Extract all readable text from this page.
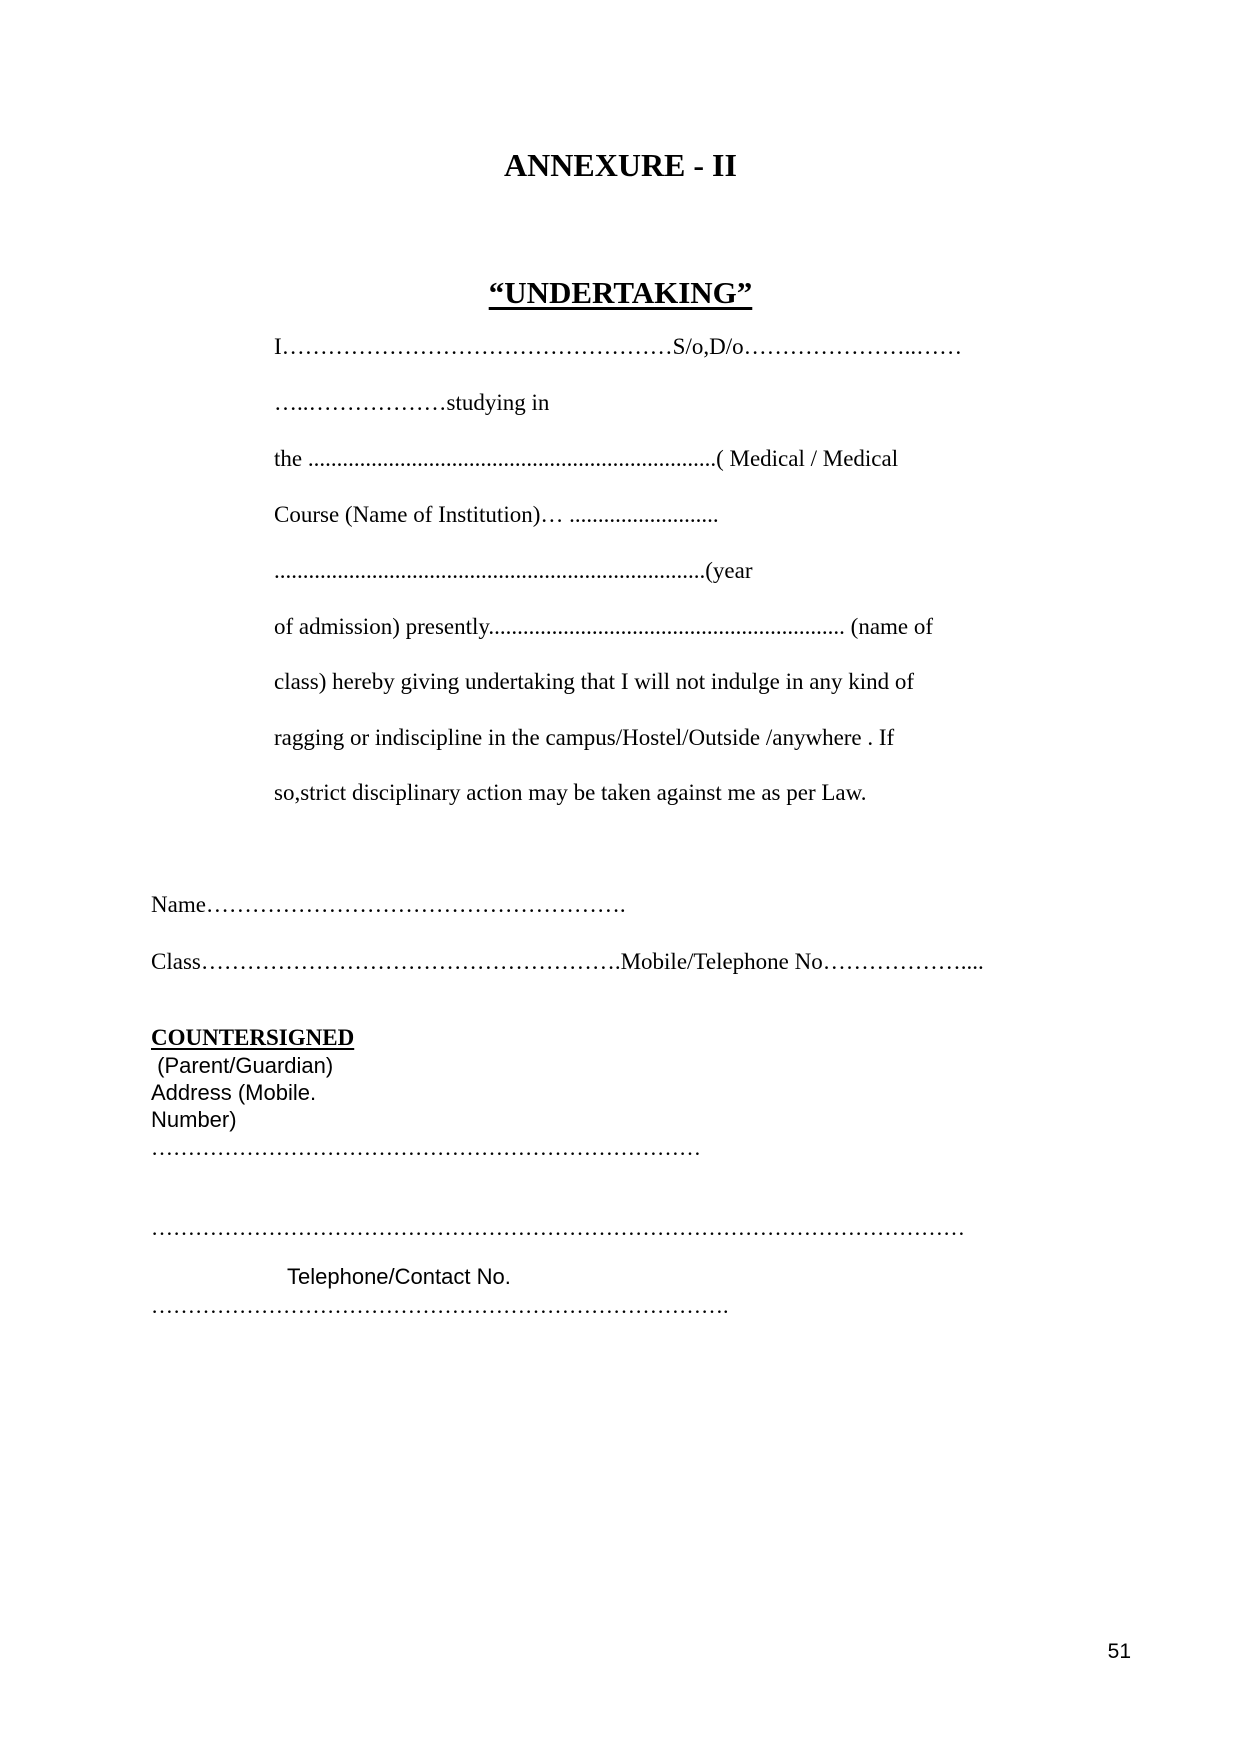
ANNEXURE - II
“UNDERTAKING”

I……………………………………………S/o,D/o…………………..……

…..………………studying in

the .......................................................................( Medical / Medical

Course (Name of Institution)… ..........................

...........................................................................(year

of admission) presently.............................................................. (name of

class) hereby giving undertaking that I will not indulge in any kind of

ragging or indiscipline in the campus/Hostel/Outside /anywhere . If

so,strict disciplinary action may be taken against me as per Law.

Name……………………………………………….

Class……………………………………………….Mobile/Telephone No………………....

COUNTERSIGNED

(Parent/Guardian)

Address (Mobile.

Number)

…………………………………………………………………

…………………………………………………………………………………………………

Telephone/Contact No.

…………………………………………………………………….

51
